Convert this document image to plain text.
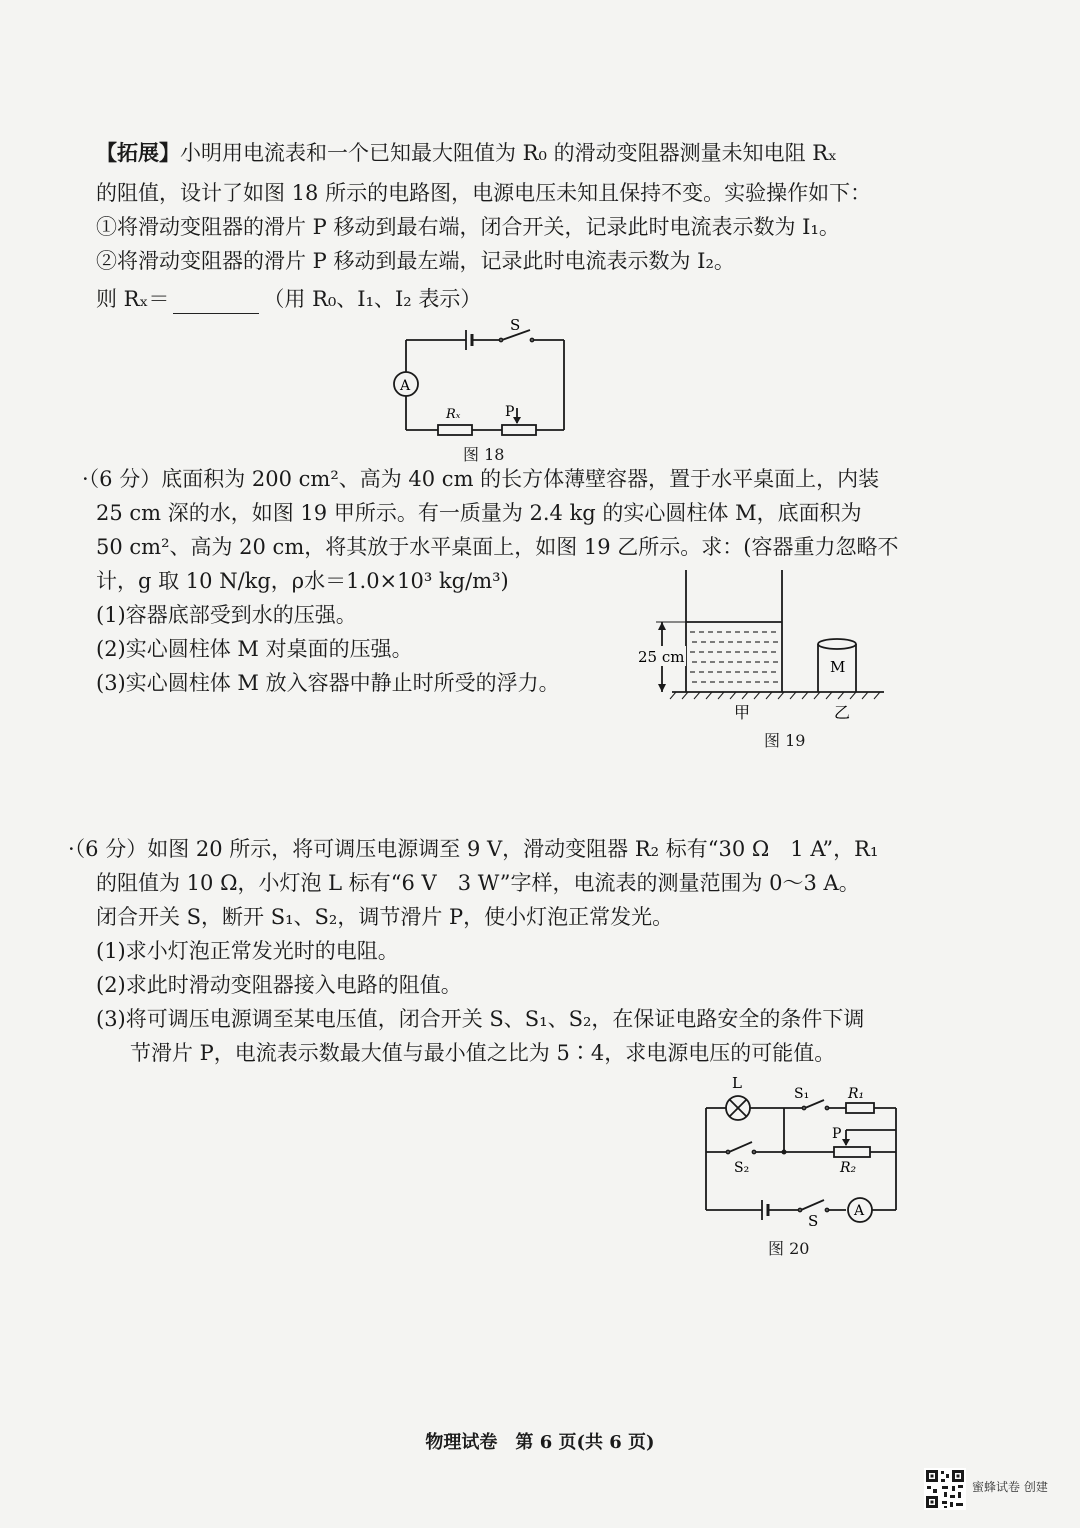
【拓展】小明用电流表和一个已知最大阻值为 R₀ 的滑动变阻器测量未知电阻 Rₓ
的阻值，设计了如图 18 所示的电路图，电源电压未知且保持不变。实验操作如下：
①将滑动变阻器的滑片 P 移动到最右端，闭合开关，记录此时电流表示数为 I₁。
②将滑动变阻器的滑片 P 移动到最左端，记录此时电流表示数为 I₂。
则 Rₓ＝	（用 R₀、I₁、I₂ 表示）
S
A
Rₓ	P
图 18
·（6 分）底面积为 200 cm²、高为 40 cm 的长方体薄壁容器，置于水平桌面上，内装
25 cm 深的水，如图 19 甲所示。有一质量为 2.4 kg 的实心圆柱体 M，底面积为
50 cm²、高为 20 cm，将其放于水平桌面上，如图 19 乙所示。求：(容器重力忽略不
计，g 取 10 N/kg，ρ水＝1.0×10³ kg/m³)
(1)容器底部受到水的压强。
(2)实心圆柱体 M 对桌面的压强。
(3)实心圆柱体 M 放入容器中静止时所受的浮力。
25 cm
M
甲	乙
图 19
·（6 分）如图 20 所示，将可调压电源调至 9 V，滑动变阻器 R₂ 标有“30 Ω　1 A”，R₁
的阻值为 10 Ω，小灯泡 L 标有“6 V　3 W”字样，电流表的测量范围为 0～3 A。
闭合开关 S，断开 S₁、S₂，调节滑片 P，使小灯泡正常发光。
(1)求小灯泡正常发光时的电阻。
(2)求此时滑动变阻器接入电路的阻值。
(3)将可调压电源调至某电压值，闭合开关 S、S₁、S₂，在保证电路安全的条件下调
节滑片 P，电流表示数最大值与最小值之比为 5∶4，求电源电压的可能值。
L
S₁	R₁
P
R₂
S₂
S
A
图 20
物理试卷　第 6 页(共 6 页)
蜜蜂试卷 创建
